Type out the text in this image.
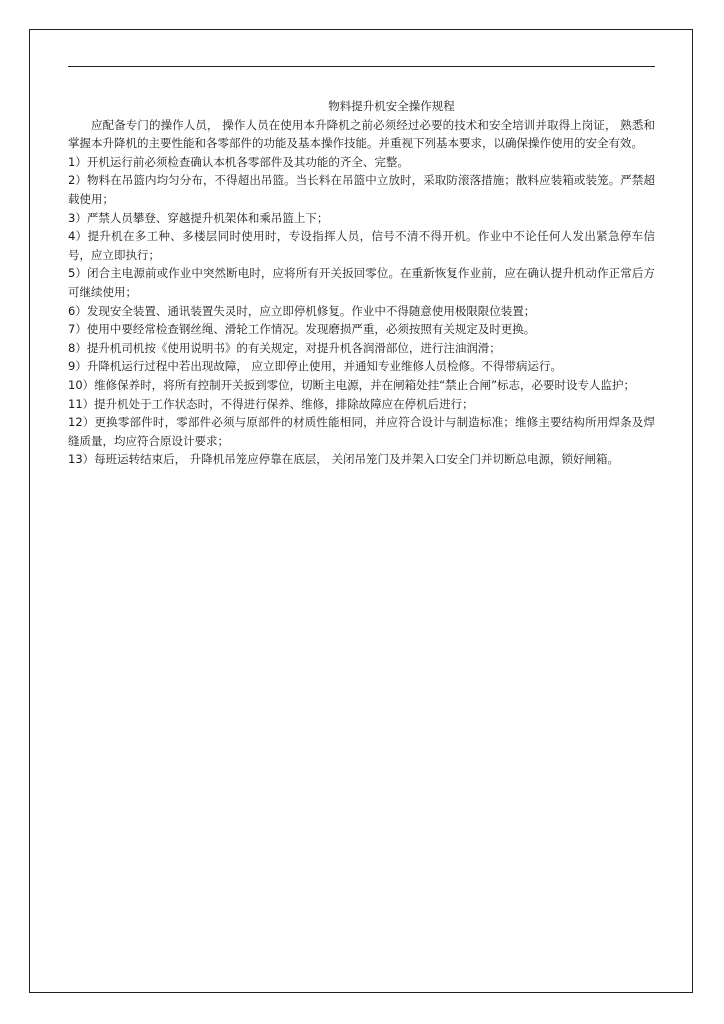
物料提升机安全操作规程

应配备专门的操作人员， 操作人员在使用本升降机之前必须经过必要的技术和安全培训并取得上岗证， 熟悉和掌握本升降机的主要性能和各零部件的功能及基本操作技能。并重视下列基本要求，以确保操作使用的安全有效。

1）开机运行前必须检查确认本机各零部件及其功能的齐全、完整。

2）物料在吊篮内均匀分布，不得超出吊篮。当长料在吊篮中立放时，采取防滚落措施；散料应装箱或装笼。严禁超载使用；

3）严禁人员攀登、穿越提升机架体和乘吊篮上下；

4）提升机在多工种、多楼层同时使用时，专设指挥人员，信号不清不得开机。作业中不论任何人发出紧急停车信号，应立即执行；

5）闭合主电源前或作业中突然断电时，应将所有开关扳回零位。在重新恢复作业前，应在确认提升机动作正常后方可继续使用；

6）发现安全装置、通讯装置失灵时，应立即停机修复。作业中不得随意使用极限限位装置；

7）使用中要经常检查钢丝绳、滑轮工作情况。发现磨损严重，必须按照有关规定及时更换。

8）提升机司机按《使用说明书》的有关规定，对提升机各润滑部位，进行注油润滑；

9）升降机运行过程中若出现故障， 应立即停止使用，并通知专业维修人员检修。不得带病运行。

10）维修保养时，将所有控制开关扳到零位，切断主电源，并在闸箱处挂“禁止合闸”标志，必要时设专人监护；

11）提升机处于工作状态时，不得进行保养、维修，排除故障应在停机后进行；

12）更换零部件时，零部件必须与原部件的材质性能相同，并应符合设计与制造标准；维修主要结构所用焊条及焊缝质量，均应符合原设计要求；

13）每班运转结束后， 升降机吊笼应停靠在底层， 关闭吊笼门及并架入口安全门并切断总电源，锁好闸箱。
